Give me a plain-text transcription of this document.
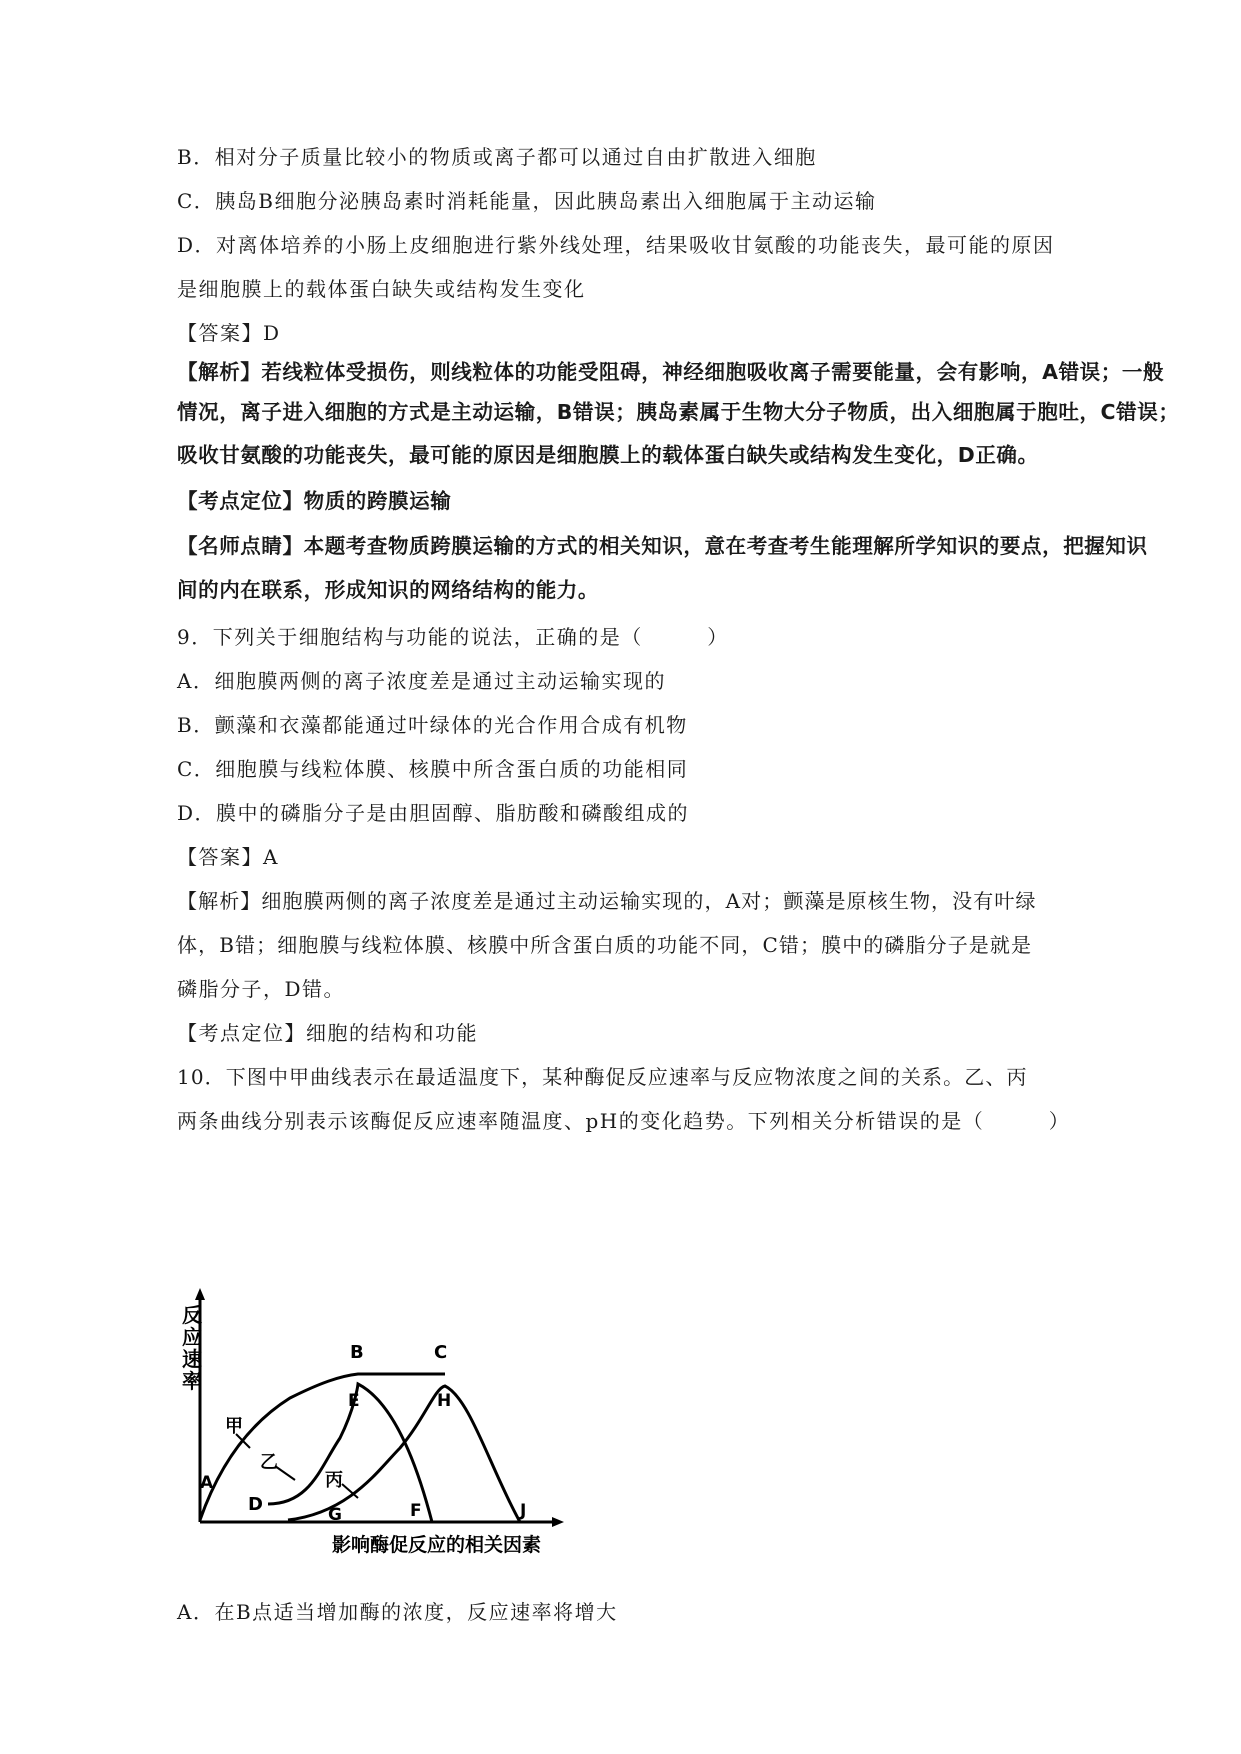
B．相对分子质量比较小的物质或离子都可以通过自由扩散进入细胞
C．胰岛B细胞分泌胰岛素时消耗能量，因此胰岛素出入细胞属于主动运输
D．对离体培养的小肠上皮细胞进行紫外线处理，结果吸收甘氨酸的功能丧失，最可能的原因
是细胞膜上的载体蛋白缺失或结构发生变化
【答案】D
【解析】若线粒体受损伤，则线粒体的功能受阻碍，神经细胞吸收离子需要能量，会有影响，A错误；一般
情况，离子进入细胞的方式是主动运输，B错误；胰岛素属于生物大分子物质，出入细胞属于胞吐，C错误；
吸收甘氨酸的功能丧失，最可能的原因是细胞膜上的载体蛋白缺失或结构发生变化，D正确。
【考点定位】物质的跨膜运输
【名师点睛】本题考查物质跨膜运输的方式的相关知识，意在考查考生能理解所学知识的要点，把握知识
间的内在联系，形成知识的网络结构的能力。
9．下列关于细胞结构与功能的说法，正确的是（　　　）
A．细胞膜两侧的离子浓度差是通过主动运输实现的
B．颤藻和衣藻都能通过叶绿体的光合作用合成有机物
C．细胞膜与线粒体膜、核膜中所含蛋白质的功能相同
D．膜中的磷脂分子是由胆固醇、脂肪酸和磷酸组成的
【答案】A
【解析】细胞膜两侧的离子浓度差是通过主动运输实现的，A对；颤藻是原核生物，没有叶绿
体，B错；细胞膜与线粒体膜、核膜中所含蛋白质的功能不同，C错；膜中的磷脂分子是就是
磷脂分子，D错。
【考点定位】细胞的结构和功能
10．下图中甲曲线表示在最适温度下，某种酶促反应速率与反应物浓度之间的关系。乙、丙
两条曲线分别表示该酶促反应速率随温度、pH的变化趋势。下列相关分析错误的是（　　　）
反
应
速
率
影响酶促反应的相关因素
甲
乙
丙
A
B	C
D
E
F
G
H
J
A．在B点适当增加酶的浓度，反应速率将增大
